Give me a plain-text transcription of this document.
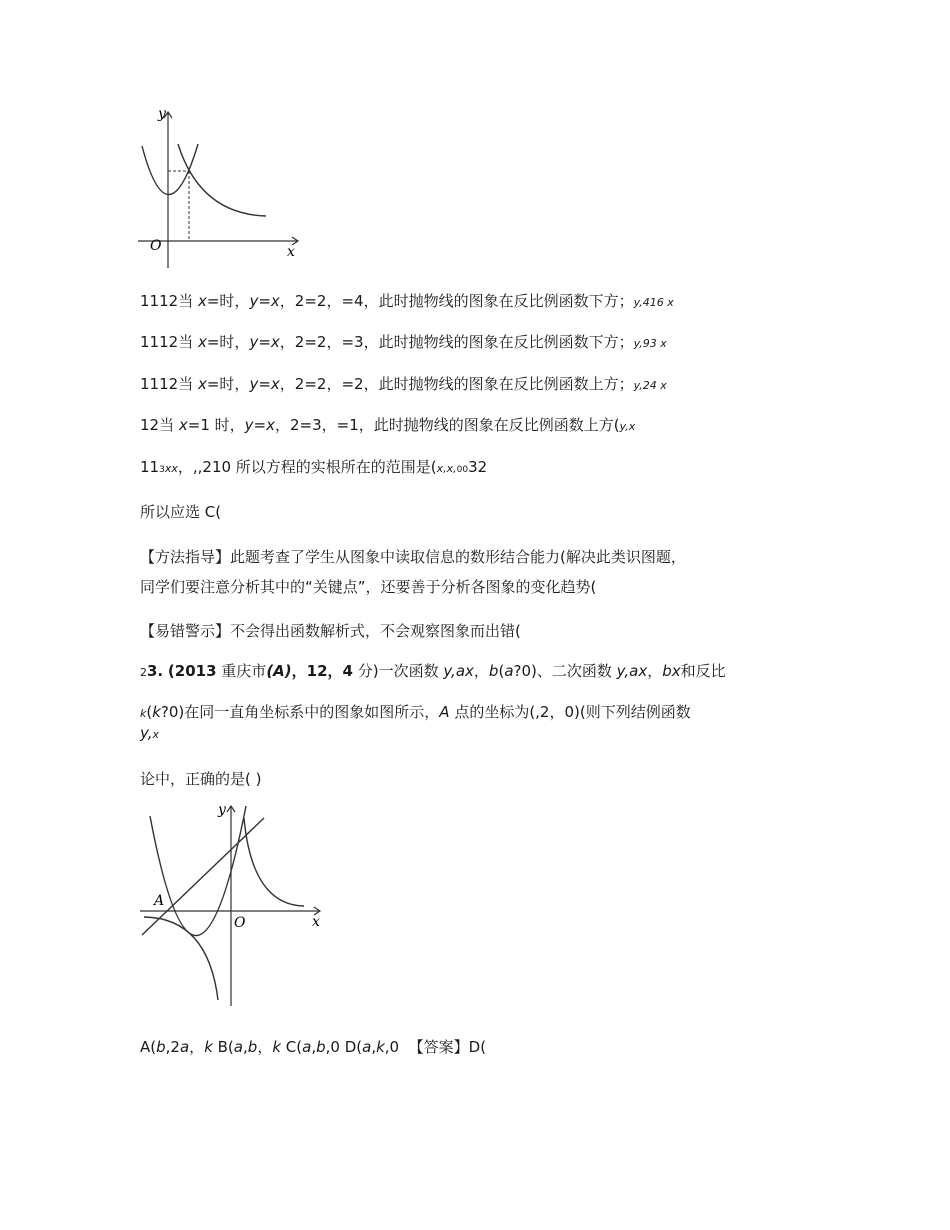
y
x
O
1112当 x=时，y=x，2=2，=4，此时抛物线的图象在反比例函数下方；y,416 x
1112当 x=时，y=x，2=2，=3，此时抛物线的图象在反比例函数下方；y,93 x
1112当 x=时，y=x，2=2，=2，此时抛物线的图象在反比例函数上方；y,24 x
12当 x=1 时，y=x，2=3，=1，此时抛物线的图象在反比例函数上方(y,x
113xx，,,210 所以方程的实根所在的范围是(x,x,0032
所以应选 C(
【方法指导】此题考查了学生从图象中读取信息的数形结合能力(解决此类识图题，
同学们要注意分析其中的“关键点”，还要善于分析各图象的变化趋势(
【易错警示】不会得出函数解析式，不会观察图象而出错(
23. (2013 重庆市(A)，12，4 分)一次函数 y,ax，b(a?0)、二次函数 y,ax，bx和反比
k(k?0)在同一直角坐标系中的图象如图所示，A 点的坐标为(,2，0)(则下列结例函数
y,x
论中，正确的是( )
y
x
O
A
A(b,2a，k B(a,b，k C(a,b,0 D(a,k,0 【答案】D(
